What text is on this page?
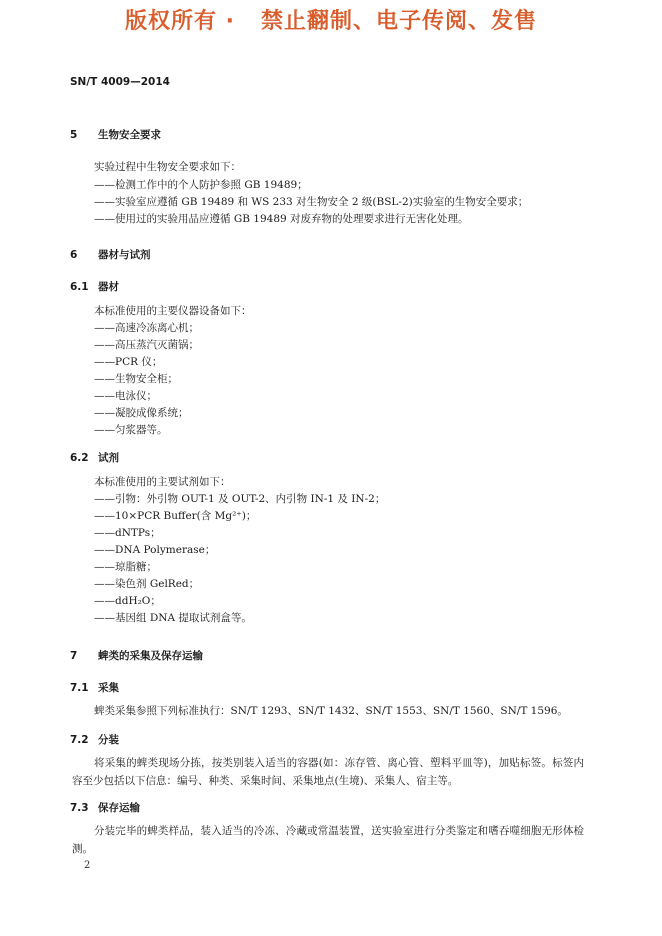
版权所有 ·   禁止翻制、电子传阅、发售
SN/T 4009—2014
5 生物安全要求
实验过程中生物安全要求如下：
——检测工作中的个人防护参照 GB 19489；
——实验室应遵循 GB 19489 和 WS 233 对生物安全 2 级(BSL-2)实验室的生物安全要求；
——使用过的实验用品应遵循 GB 19489 对废弃物的处理要求进行无害化处理。
6 器材与试剂
6.1 器材
本标准使用的主要仪器设备如下：
——高速冷冻离心机；
——高压蒸汽灭菌锅；
——PCR 仪；
——生物安全柜；
——电泳仪；
——凝胶成像系统；
——匀浆器等。
6.2 试剂
本标准使用的主要试剂如下：
——引物：外引物 OUT-1 及 OUT-2、内引物 IN-1 及 IN-2；
——10×PCR Buffer(含 Mg²⁺)；
——dNTPs；
——DNA Polymerase；
——琼脂糖；
——染色剂 GelRed；
——ddH₂O；
——基因组 DNA 提取试剂盒等。
7 蜱类的采集及保存运输
7.1 采集
蜱类采集参照下列标准执行：SN/T 1293、SN/T 1432、SN/T 1553、SN/T 1560、SN/T 1596。
7.2 分装
将采集的蜱类现场分拣，按类别装入适当的容器(如：冻存管、离心管、塑料平皿等)，加贴标签。标签内容至少包括以下信息：编号、种类、采集时间、采集地点(生境)、采集人、宿主等。
7.3 保存运输
分装完毕的蜱类样品，装入适当的冷冻、冷藏或常温装置，送实验室进行分类鉴定和嗜吞噬细胞无形体检测。
2
